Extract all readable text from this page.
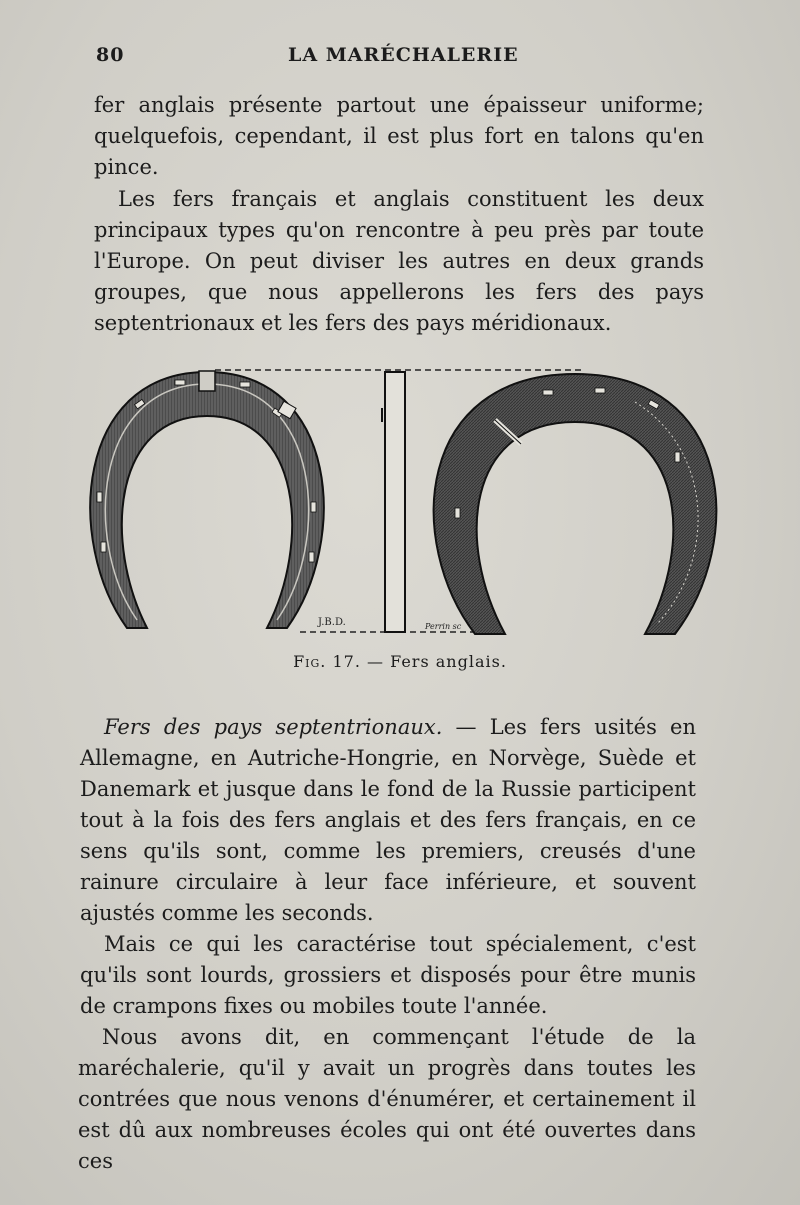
80	LA MARÉCHALERIE

fer anglais présente partout une épaisseur uniforme; quelquefois, cependant, il est plus fort en talons qu'en pince.

Les fers français et anglais constituent les deux principaux types qu'on rencontre à peu près par toute l'Europe. On peut diviser les autres en deux grands groupes, que nous appellerons les fers des pays septentrionaux et les fers des pays méridionaux.

J.B.D.	Perrin sc
Fig. 17. — Fers anglais.

Fers des pays septentrionaux. — Les fers usités en Allemagne, en Autriche-Hongrie, en Norvège, Suède et Danemark et jusque dans le fond de la Russie participent tout à la fois des fers anglais et des fers français, en ce sens qu'ils sont, comme les premiers, creusés d'une rainure circulaire à leur face inférieure, et souvent ajustés comme les seconds.

Mais ce qui les caractérise tout spécialement, c'est qu'ils sont lourds, grossiers et disposés pour être munis de crampons fixes ou mobiles toute l'année.

Nous avons dit, en commençant l'étude de la maréchalerie, qu'il y avait un progrès dans toutes les contrées que nous venons d'énumérer, et certainement il est dû aux nombreuses écoles qui ont été ouvertes dans ces
